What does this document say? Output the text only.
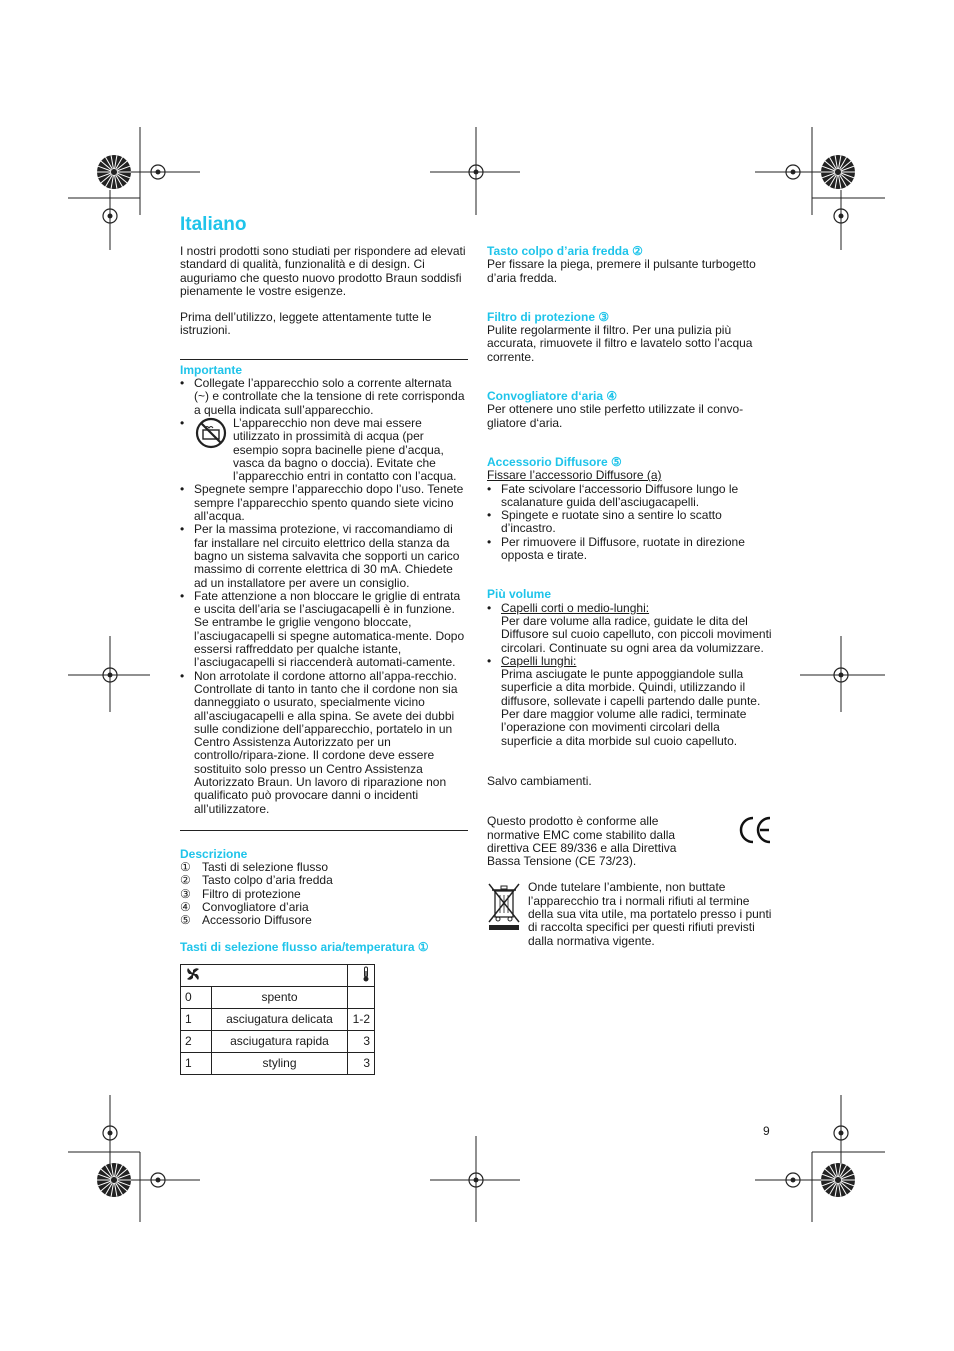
Italiano

I nostri prodotti sono studiati per rispondere ad elevati standard di qualità, funzionalità e di design. Ci auguriamo che questo nuovo prodotto Braun soddisfi pienamente le vostre esigenze.

Prima dell’utilizzo, leggete attentamente tutte le istruzioni.

Importante

• Collegate l’apparecchio solo a corrente alternata (~) e controllate che la tensione di rete corrisponda a quella indicata sull’apparecchio.
• L’apparecchio non deve mai essere utilizzato in prossimità di acqua (per esempio sopra bacinelle piene d’acqua, vasca da bagno o doccia). Evitate che l’apparecchio entri in contatto con l’acqua.
• Spegnete sempre l’apparecchio dopo l’uso. Tenete sempre l’apparecchio spento quando siete vicino all’acqua.
• Per la massima protezione, vi raccomandiamo di far installare nel circuito elettrico della stanza da bagno un sistema salvavita che sopporti un carico massimo di corrente elettrica di 30 mA. Chiedete ad un installatore per avere un consiglio.
• Fate attenzione a non bloccare le griglie di entrata e uscita dell’aria se l’asciugacapelli è in funzione. Se entrambe le griglie vengono bloccate, l’asciugacapelli si spegne automatica-mente. Dopo essersi raffreddato per qualche istante, l’asciugacapelli si riaccenderà automati-camente.
• Non arrotolate il cordone attorno all’appa-recchio. Controllate di tanto in tanto che il cordone non sia danneggiato o usurato, specialmente vicino all’asciugacapelli e alla spina. Se avete dei dubbi sulle condizione dell’apparecchio, portatelo in un Centro Assistenza Autorizzato per un controllo/ripara-zione. Il cordone deve essere sostituito solo presso un Centro Assistenza Autorizzato Braun. Un lavoro di riparazione non qualificato può provocare danni o incidenti all’utilizzatore.

Descrizione

① Tasti di selezione flusso
② Tasto colpo d’aria fredda
③ Filtro di protezione
④ Convogliatore d’aria
⑤ Accessorio Diffusore

Tasti di selezione flusso aria/temperatura ①

0	spento	
1	asciugatura delicata	1-2
2	asciugatura rapida	3
1	styling	3

Tasto colpo d’aria fredda ②

Per fissare la piega, premere il pulsante turbogetto d’aria fredda.

Filtro di protezione ③

Pulite regolarmente il filtro. Per una pulizia più accurata, rimuovete il filtro e lavatelo sotto l’acqua corrente.

Convogliatore d‘aria ④

Per ottenere uno stile perfetto utilizzate il convo-gliatore d‘aria.

Accessorio Diffusore ⑤

Fissare l’accessorio Diffusore (a)

• Fate scivolare l‘accessorio Diffusore lungo le scalanature guida dell’asciugacapelli.
• Spingete e ruotate sino a sentire lo scatto d’incastro.
• Per rimuovere il Diffusore, ruotate in direzione opposta e tirate.

Più volume

• Capelli corti o medio-lunghi:
Per dare volume alla radice, guidate le dita del Diffusore sul cuoio capelluto, con piccoli movimenti circolari. Continuate su ogni area da volumizzare.
• Capelli lunghi:
Prima asciugate le punte appoggiandole sulla superficie a dita morbide. Quindi, utilizzando il diffusore, sollevate i capelli partendo dalle punte. Per dare maggior volume alle radici, terminate l’operazione con movimenti circolari della superficie a dita morbide sul cuoio capelluto.

Salvo cambiamenti.

Questo prodotto è conforme alle normative EMC come stabilito dalla direttiva CEE 89/336 e alla Direttiva Bassa Tensione (CE 73/23).

Onde tutelare l’ambiente, non buttate l’apparecchio tra i normali rifiuti al termine della sua vita utile, ma portatelo presso i punti di raccolta specifici per questi rifiuti previsti dalla normativa vigente.

9
